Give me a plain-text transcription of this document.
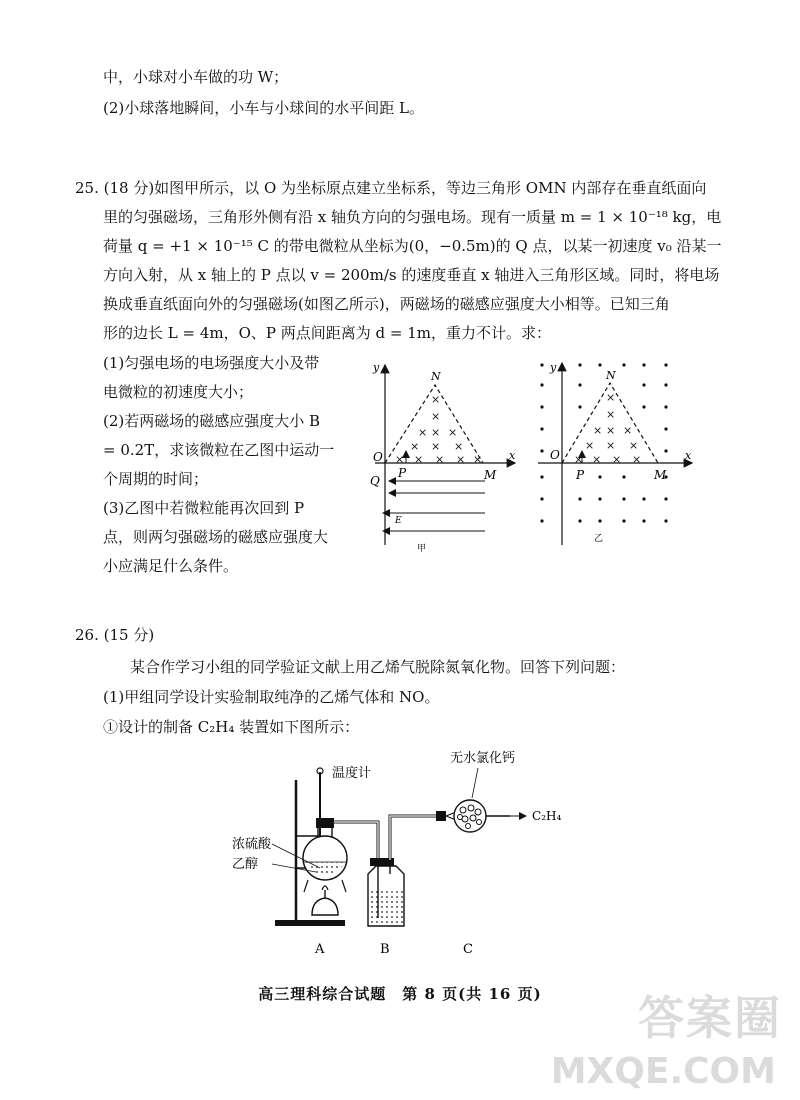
中，小球对小车做的功 W；
(2)小球落地瞬间，小车与小球间的水平间距 L。
25. (18 分)如图甲所示，以 O 为坐标原点建立坐标系，等边三角形 OMN 内部存在垂直纸面向
里的匀强磁场，三角形外侧有沿 x 轴负方向的匀强电场。现有一质量 m = 1 × 10⁻¹⁸ kg，电
荷量 q = +1 × 10⁻¹⁵ C 的带电微粒从坐标为(0，−0.5m)的 Q 点，以某一初速度 v₀ 沿某一
方向入射，从 x 轴上的 P 点以 v = 200m/s 的速度垂直 x 轴进入三角形区域。同时，将电场
换成垂直纸面向外的匀强磁场(如图乙所示)，两磁场的磁感应强度大小相等。已知三角
形的边长 L = 4m，O、P 两点间距离为 d = 1m，重力不计。求：
(1)匀强电场的电场强度大小及带
电微粒的初速度大小；
(2)若两磁场的磁感应强度大小 B
= 0.2T，求该微粒在乙图中运动一
个周期的时间；
(3)乙图中若微粒能再次回到 P
点，则两匀强磁场的磁感应强度大
小应满足什么条件。
y
x
O
N
×
×
× × ×
× × ×
× × × × ×
P	M
Q
E
甲
y
x
O
N
×
×
× × ×
× × ×
× × × ×
P	M
乙
26. (15 分)
某合作学习小组的同学验证文献上用乙烯气脱除氮氧化物。回答下列问题：
(1)甲组同学设计实验制取纯净的乙烯气体和 NO。
①设计的制备 C₂H₄ 装置如下图所示：
温度计
浓硫酸
乙醇
无水氯化钙
C₂H₄
A	B	C
高三理科综合试题　第 8 页(共 16 页)	答案圈
MXQE.COM
